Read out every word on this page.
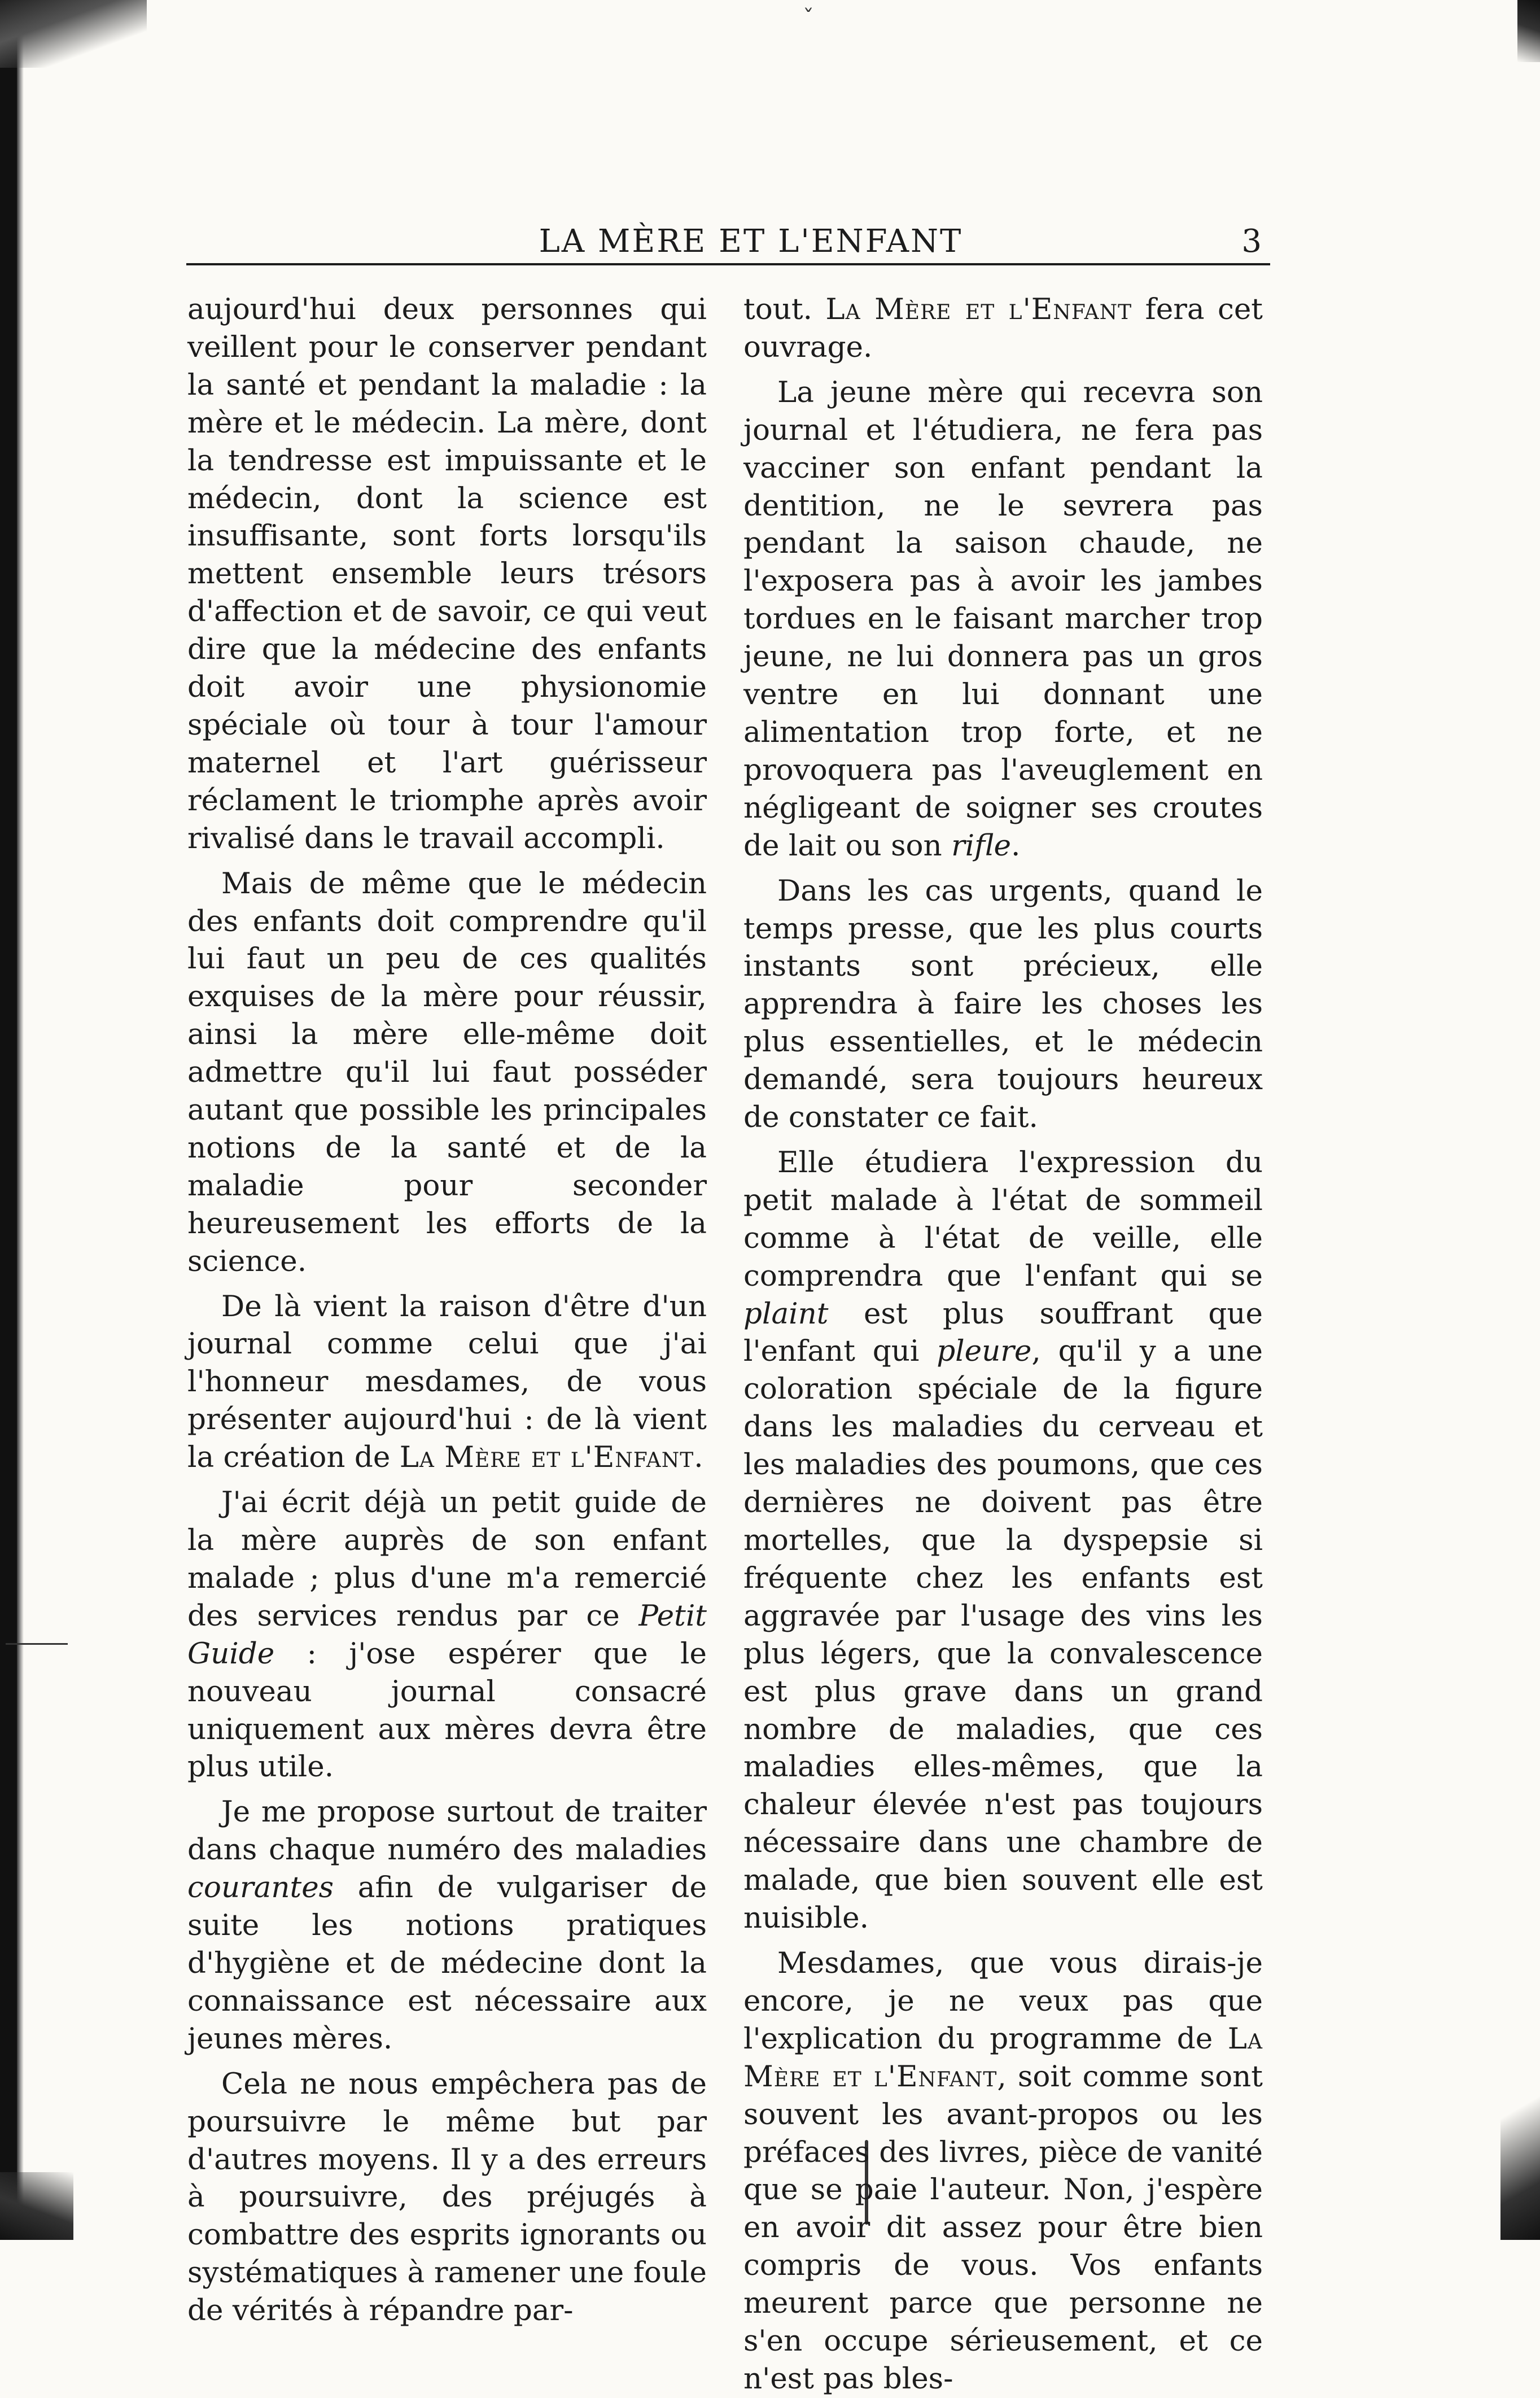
ˇ
LA MÈRE ET L'ENFANT	3

aujourd'hui deux personnes qui veillent pour le conserver pendant la santé et pendant la maladie : la mère et le médecin. La mère, dont la tendresse est impuissante et le médecin, dont la science est insuffisante, sont forts lorsqu'ils mettent ensemble leurs trésors d'affection et de savoir, ce qui veut dire que la médecine des enfants doit avoir une physionomie spéciale où tour à tour l'amour maternel et l'art guérisseur réclament le triomphe après avoir rivalisé dans le travail accompli.

Mais de même que le médecin des enfants doit comprendre qu'il lui faut un peu de ces qualités exquises de la mère pour réussir, ainsi la mère elle-même doit admettre qu'il lui faut posséder autant que possible les principales notions de la santé et de la maladie pour seconder heureusement les efforts de la science.

De là vient la raison d'être d'un journal comme celui que j'ai l'honneur mesdames, de vous présenter aujourd'hui : de là vient la création de La Mère et l'Enfant.

J'ai écrit déjà un petit guide de la mère auprès de son enfant malade ; plus d'une m'a remercié des services rendus par ce Petit Guide : j'ose espérer que le nouveau journal consacré uniquement aux mères devra être plus utile.

Je me propose surtout de traiter dans chaque numéro des maladies courantes afin de vulgariser de suite les notions pratiques d'hygiène et de médecine dont la connaissance est nécessaire aux jeunes mères.

Cela ne nous empêchera pas de poursuivre le même but par d'autres moyens. Il y a des erreurs à poursuivre, des préjugés à combattre des esprits ignorants ou systématiques à ramener une foule de vérités à répandre par-

tout. La Mère et l'Enfant fera cet ouvrage.

La jeune mère qui recevra son journal et l'étudiera, ne fera pas vacciner son enfant pendant la dentition, ne le sevrera pas pendant la saison chaude, ne l'exposera pas à avoir les jambes tordues en le faisant marcher trop jeune, ne lui donnera pas un gros ventre en lui donnant une alimentation trop forte, et ne provoquera pas l'aveuglement en négligeant de soigner ses croutes de lait ou son rifle.

Dans les cas urgents, quand le temps presse, que les plus courts instants sont précieux, elle apprendra à faire les choses les plus essentielles, et le médecin demandé, sera toujours heureux de constater ce fait.

Elle étudiera l'expression du petit malade à l'état de sommeil comme à l'état de veille, elle comprendra que l'enfant qui se plaint est plus souffrant que l'enfant qui pleure, qu'il y a une coloration spéciale de la figure dans les maladies du cerveau et les maladies des poumons, que ces dernières ne doivent pas être mortelles, que la dyspepsie si fréquente chez les enfants est aggravée par l'usage des vins les plus légers, que la convalescence est plus grave dans un grand nombre de maladies, que ces maladies elles-mêmes, que la chaleur élevée n'est pas toujours nécessaire dans une chambre de malade, que bien souvent elle est nuisible.

Mesdames, que vous dirais-je encore, je ne veux pas que l'explication du programme de La Mère et l'Enfant, soit comme sont souvent les avant-propos ou les préfaces des livres, pièce de vanité que se paie l'auteur. Non, j'espère en avoir dit assez pour être bien compris de vous. Vos enfants meurent parce que personne ne s'en occupe sérieusement, et ce n'est pas bles-
